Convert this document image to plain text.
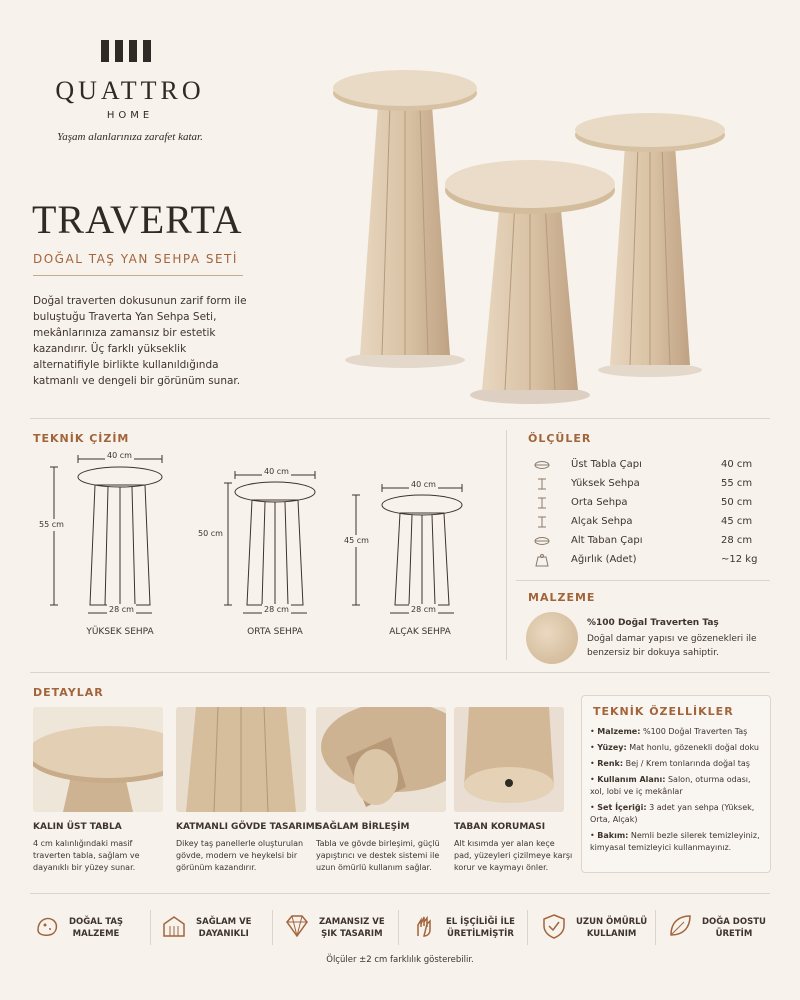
QUATTRO
HOME
Yaşam alanlarınıza zarafet katar.
TRAVERTA
DOĞAL TAŞ YAN SEHPA SETİ
Doğal traverten dokusunun zarif form ile buluştuğu Traverta Yan Sehpa Seti, mekânlarınıza zamansız bir estetik kazandırır. Üç farklı yükseklik alternatifiyle birlikte kullanıldığında katmanlı ve dengeli bir görünüm sunar.
TEKNİK ÇİZİM
40 cm
55 cm
28 cm
YÜKSEK SEHPA
40 cm
50 cm
28 cm
ORTA SEHPA
40 cm
45 cm
28 cm
ALÇAK SEHPA
ÖLÇÜLER
Üst Tabla Çapı	40 cm
Yüksek Sehpa	55 cm
Orta Sehpa	50 cm
Alçak Sehpa	45 cm
Alt Taban Çapı	28 cm
Ağırlık (Adet)	~12 kg
MALZEME
%100 Doğal Traverten Taş
Doğal damar yapısı ve gözenekleri ile benzersiz bir dokuya sahiptir.
DETAYLAR
KALIN ÜST TABLA
4 cm kalınlığındaki masif traverten tabla, sağlam ve dayanıklı bir yüzey sunar.
KATMANLI GÖVDE TASARIMI
Dikey taş panellerle oluşturulan gövde, modern ve heykelsi bir görünüm kazandırır.
SAĞLAM BİRLEŞİM
Tabla ve gövde birleşimi, güçlü yapıştırıcı ve destek sistemi ile uzun ömürlü kullanım sağlar.
TABAN KORUMASI
Alt kısımda yer alan keçe pad, yüzeyleri çizilmeye karşı korur ve kaymayı önler.
TEKNİK ÖZELLİKLER
• Malzeme: %100 Doğal Traverten Taş
• Yüzey: Mat honlu, gözenekli doğal doku
• Renk: Bej / Krem tonlarında doğal taş
• Kullanım Alanı: Salon, oturma odası, xol, lobi ve iç mekânlar
• Set İçeriği: 3 adet yan sehpa (Yüksek, Orta, Alçak)
• Bakım: Nemli bezle silerek temizleyiniz, kimyasal temizleyici kullanmayınız.
DOĞAL TAŞ
MALZEME
SAĞLAM VE
DAYANIKLI
ZAMANSIZ VE
ŞIK TASARIM
EL İŞÇİLİĞİ İLE
ÜRETİLMİŞTİR
UZUN ÖMÜRLÜ
KULLANIM
DOĞA DOSTU
ÜRETİM
Ölçüler ±2 cm farklılık gösterebilir.
